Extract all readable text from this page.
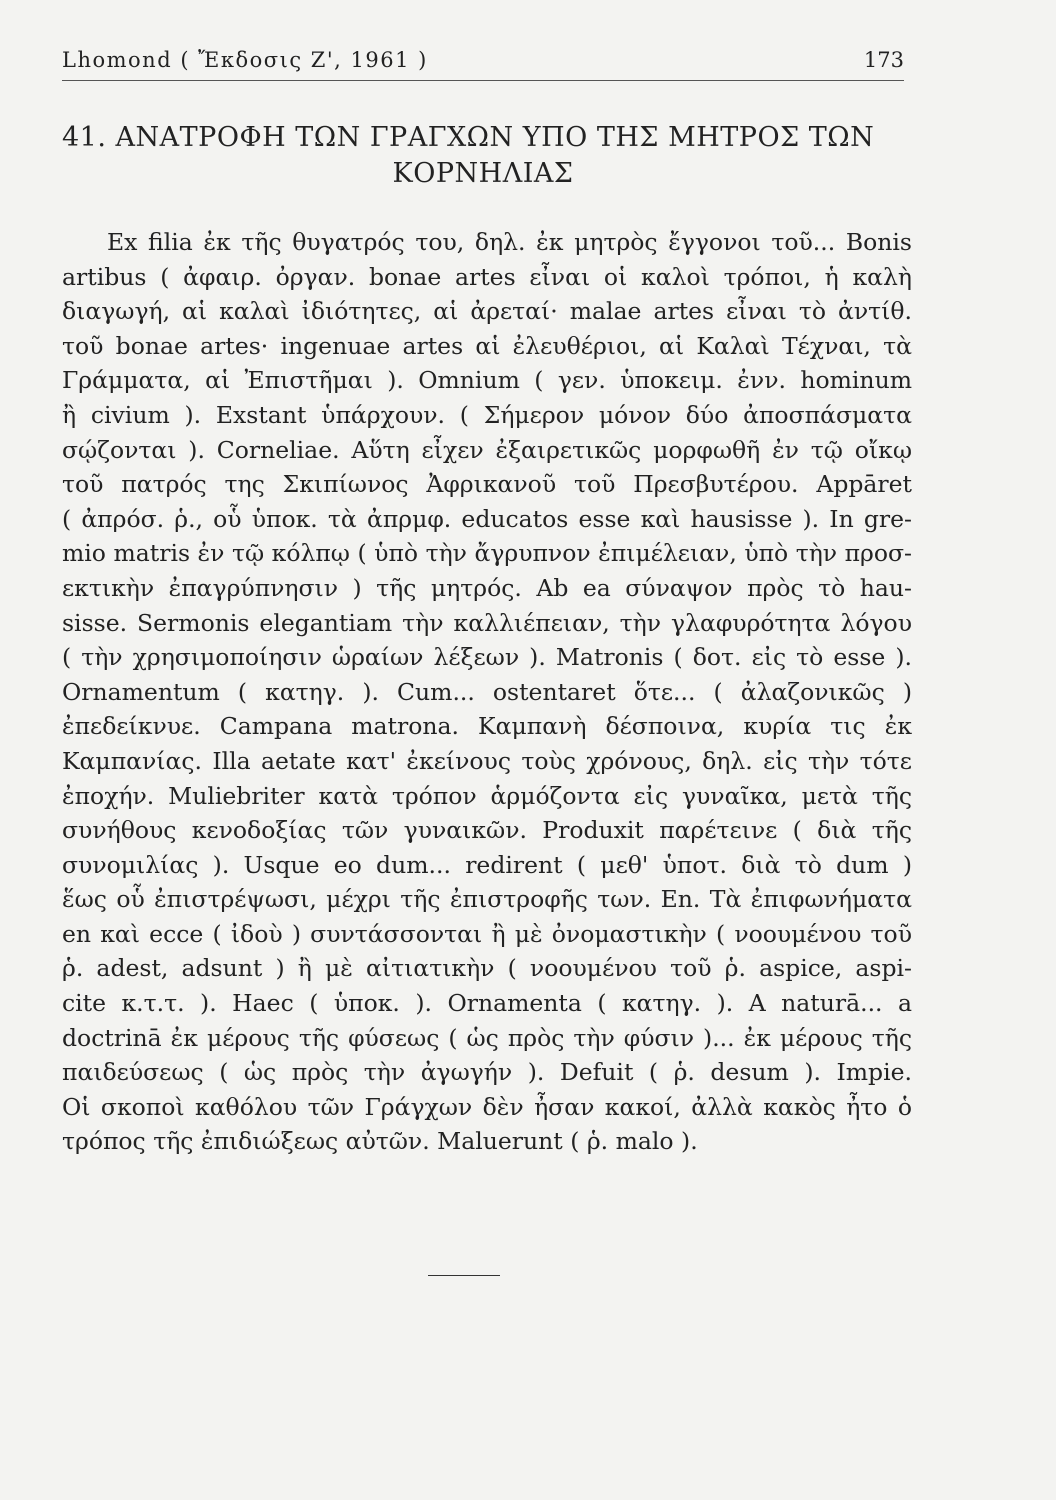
Lhomond ( Ἔκδοσις Ζ', 1961 )	173
41. ΑΝΑΤΡΟΦΗ ΤΩΝ ΓΡΑΓΧΩΝ ΥΠΟ ΤΗΣ ΜΗΤΡΟΣ ΤΩΝ
ΚΟΡΝΗΛΙΑΣ
Ex filia ἐκ τῆς θυγατρός του, δηλ. ἐκ μητρὸς ἔγγονοι τοῦ... Bonis
artibus ( ἀφαιρ. ὀργαν. bonae artes εἶναι οἱ καλοὶ τρόποι, ἡ καλὴ
διαγωγή, αἱ καλαὶ ἰδιότητες, αἱ ἀρεταί· malae artes εἶναι τὸ ἀντίθ.
τοῦ bonae artes· ingenuae artes αἱ ἐλευθέριοι, αἱ Καλαὶ Τέχναι, τὰ
Γράμματα, αἱ Ἐπιστῆμαι ). Omnium ( γεν. ὑποκειμ. ἐνν. hominum
ἢ civium ). Exstant ὑπάρχουν. ( Σήμερον μόνον δύο ἀποσπάσματα
σῴζονται ). Corneliae. Αὕτη εἶχεν ἐξαιρετικῶς μορφωθῆ ἐν τῷ οἴκῳ
τοῦ πατρός της Σκιπίωνος Ἀφρικανοῦ τοῦ Πρεσβυτέρου. Appāret
( ἀπρόσ. ῥ., οὗ ὑποκ. τὰ ἀπρμφ. educatos esse καὶ hausisse ). In gre-
mio matris ἐν τῷ κόλπῳ ( ὑπὸ τὴν ἄγρυπνον ἐπιμέλειαν, ὑπὸ τὴν προσ-
εκτικὴν ἐπαγρύπνησιν ) τῆς μητρός. Ab ea σύναψον πρὸς τὸ hau-
sisse. Sermonis elegantiam τὴν καλλιέπειαν, τὴν γλαφυρότητα λόγου
( τὴν χρησιμοποίησιν ὡραίων λέξεων ). Matronis ( δοτ. εἰς τὸ esse ).
Ornamentum ( κατηγ. ). Cum... ostentaret ὅτε... ( ἀλαζονικῶς )
ἐπεδείκνυε. Campana matrona. Καμπανὴ δέσποινα, κυρία τις ἐκ
Καμπανίας. Illa aetate κατ' ἐκείνους τοὺς χρόνους, δηλ. εἰς τὴν τότε
ἐποχήν. Muliebriter κατὰ τρόπον ἁρμόζοντα εἰς γυναῖκα, μετὰ τῆς
συνήθους κενοδοξίας τῶν γυναικῶν. Produxit παρέτεινε ( διὰ τῆς
συνομιλίας ). Usque eo dum... redirent ( μεθ' ὑποτ. διὰ τὸ dum )
ἕως οὗ ἐπιστρέψωσι, μέχρι τῆς ἐπιστροφῆς των. En. Τὰ ἐπιφωνήματα
en καὶ ecce ( ἰδοὺ ) συντάσσονται ἢ μὲ ὀνομαστικὴν ( νοουμένου τοῦ
ῥ. adest, adsunt ) ἢ μὲ αἰτιατικὴν ( νοουμένου τοῦ ῥ. aspice, aspi-
cite κ.τ.τ. ). Haec ( ὑποκ. ). Ornamenta ( κατηγ. ). A naturā... a
doctrinā ἐκ μέρους τῆς φύσεως ( ὡς πρὸς τὴν φύσιν )... ἐκ μέρους τῆς
παιδεύσεως ( ὡς πρὸς τὴν ἀγωγήν ). Defuit ( ῥ. desum ). Impie.
Οἱ σκοποὶ καθόλου τῶν Γράγχων δὲν ἦσαν κακοί, ἀλλὰ κακὸς ἦτο ὁ
τρόπος τῆς ἐπιδιώξεως αὐτῶν. Maluerunt ( ῥ. malo ).
